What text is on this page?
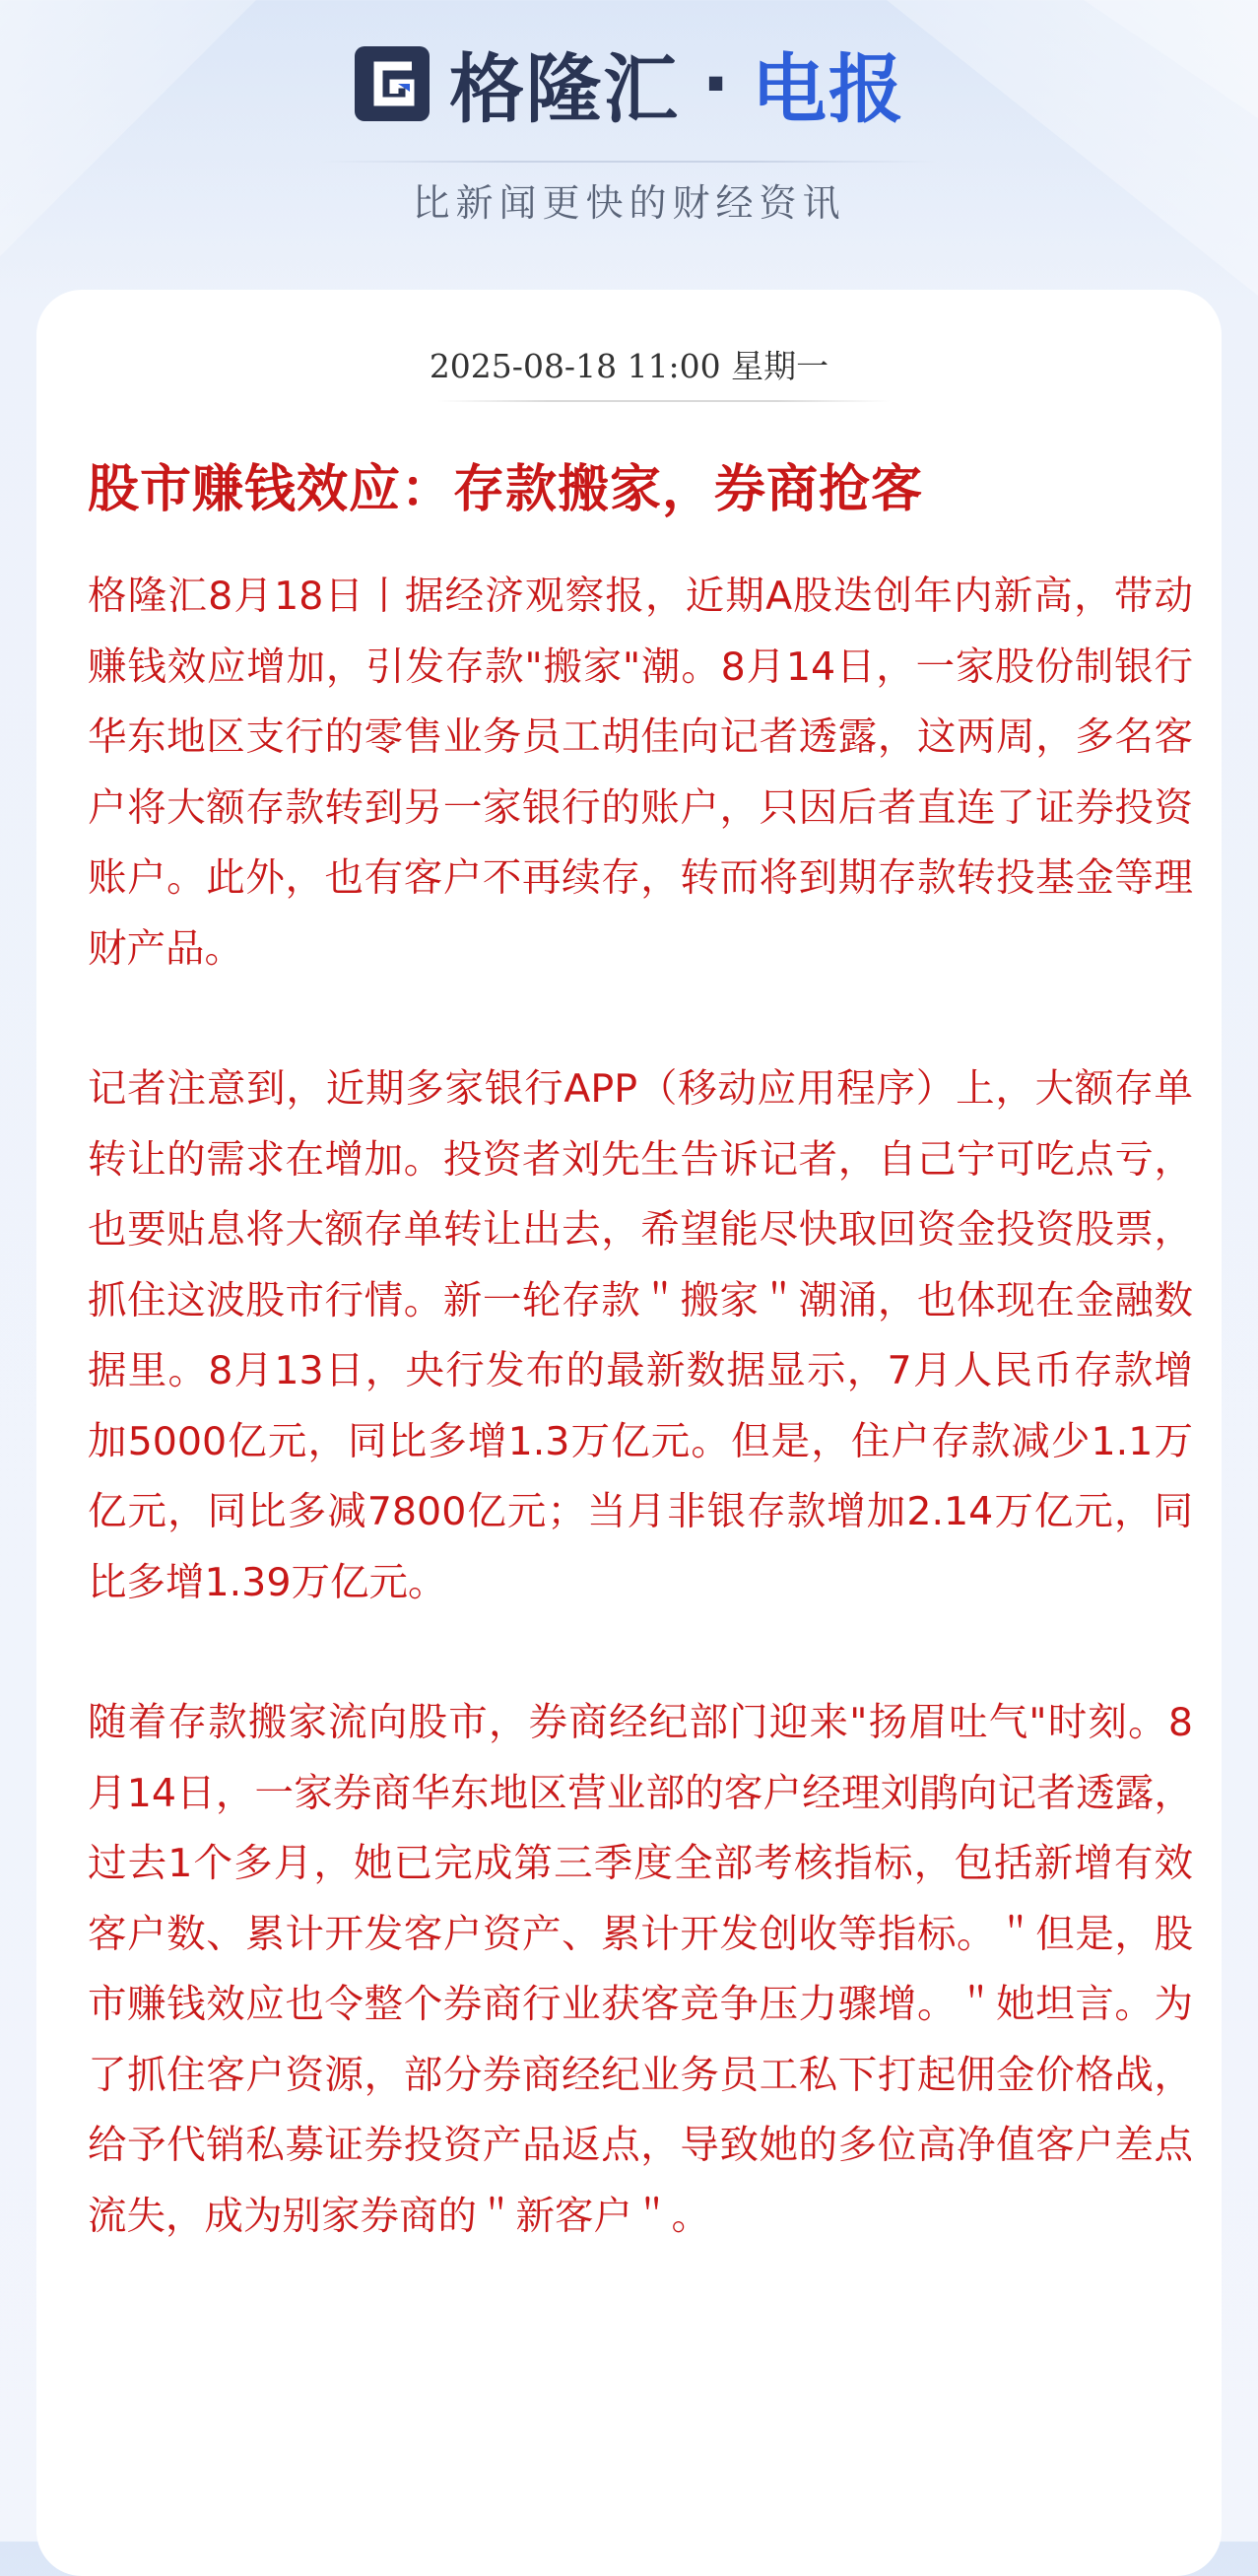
格隆汇 · 电报
比新闻更快的财经资讯
2025-08-18 11:00 星期一
股市赚钱效应：存款搬家，券商抢客

格隆汇8月18日丨据经济观察报，近期A股迭创年内新高，带动赚钱效应增加，引发存款"搬家"潮。8月14日，一家股份制银行华东地区支行的零售业务员工胡佳向记者透露，这两周，多名客户将大额存款转到另一家银行的账户，只因后者直连了证券投资账户。此外，也有客户不再续存，转而将到期存款转投基金等理财产品。

记者注意到，近期多家银行APP（移动应用程序）上，大额存单转让的需求在增加。投资者刘先生告诉记者，自己宁可吃点亏，也要贴息将大额存单转让出去，希望能尽快取回资金投资股票，抓住这波股市行情。新一轮存款＂搬家＂潮涌，也体现在金融数据里。8月13日，央行发布的最新数据显示，7月人民币存款增加5000亿元，同比多增1.3万亿元。但是，住户存款减少1.1万亿元，同比多减7800亿元；当月非银存款增加2.14万亿元，同比多增1.39万亿元。

随着存款搬家流向股市，券商经纪部门迎来"扬眉吐气"时刻。8月14日，一家券商华东地区营业部的客户经理刘鹃向记者透露，过去1个多月，她已完成第三季度全部考核指标，包括新增有效客户数、累计开发客户资产、累计开发创收等指标。＂但是，股市赚钱效应也令整个券商行业获客竞争压力骤增。＂她坦言。为了抓住客户资源，部分券商经纪业务员工私下打起佣金价格战，给予代销私募证券投资产品返点，导致她的多位高净值客户差点流失，成为别家券商的＂新客户＂。
